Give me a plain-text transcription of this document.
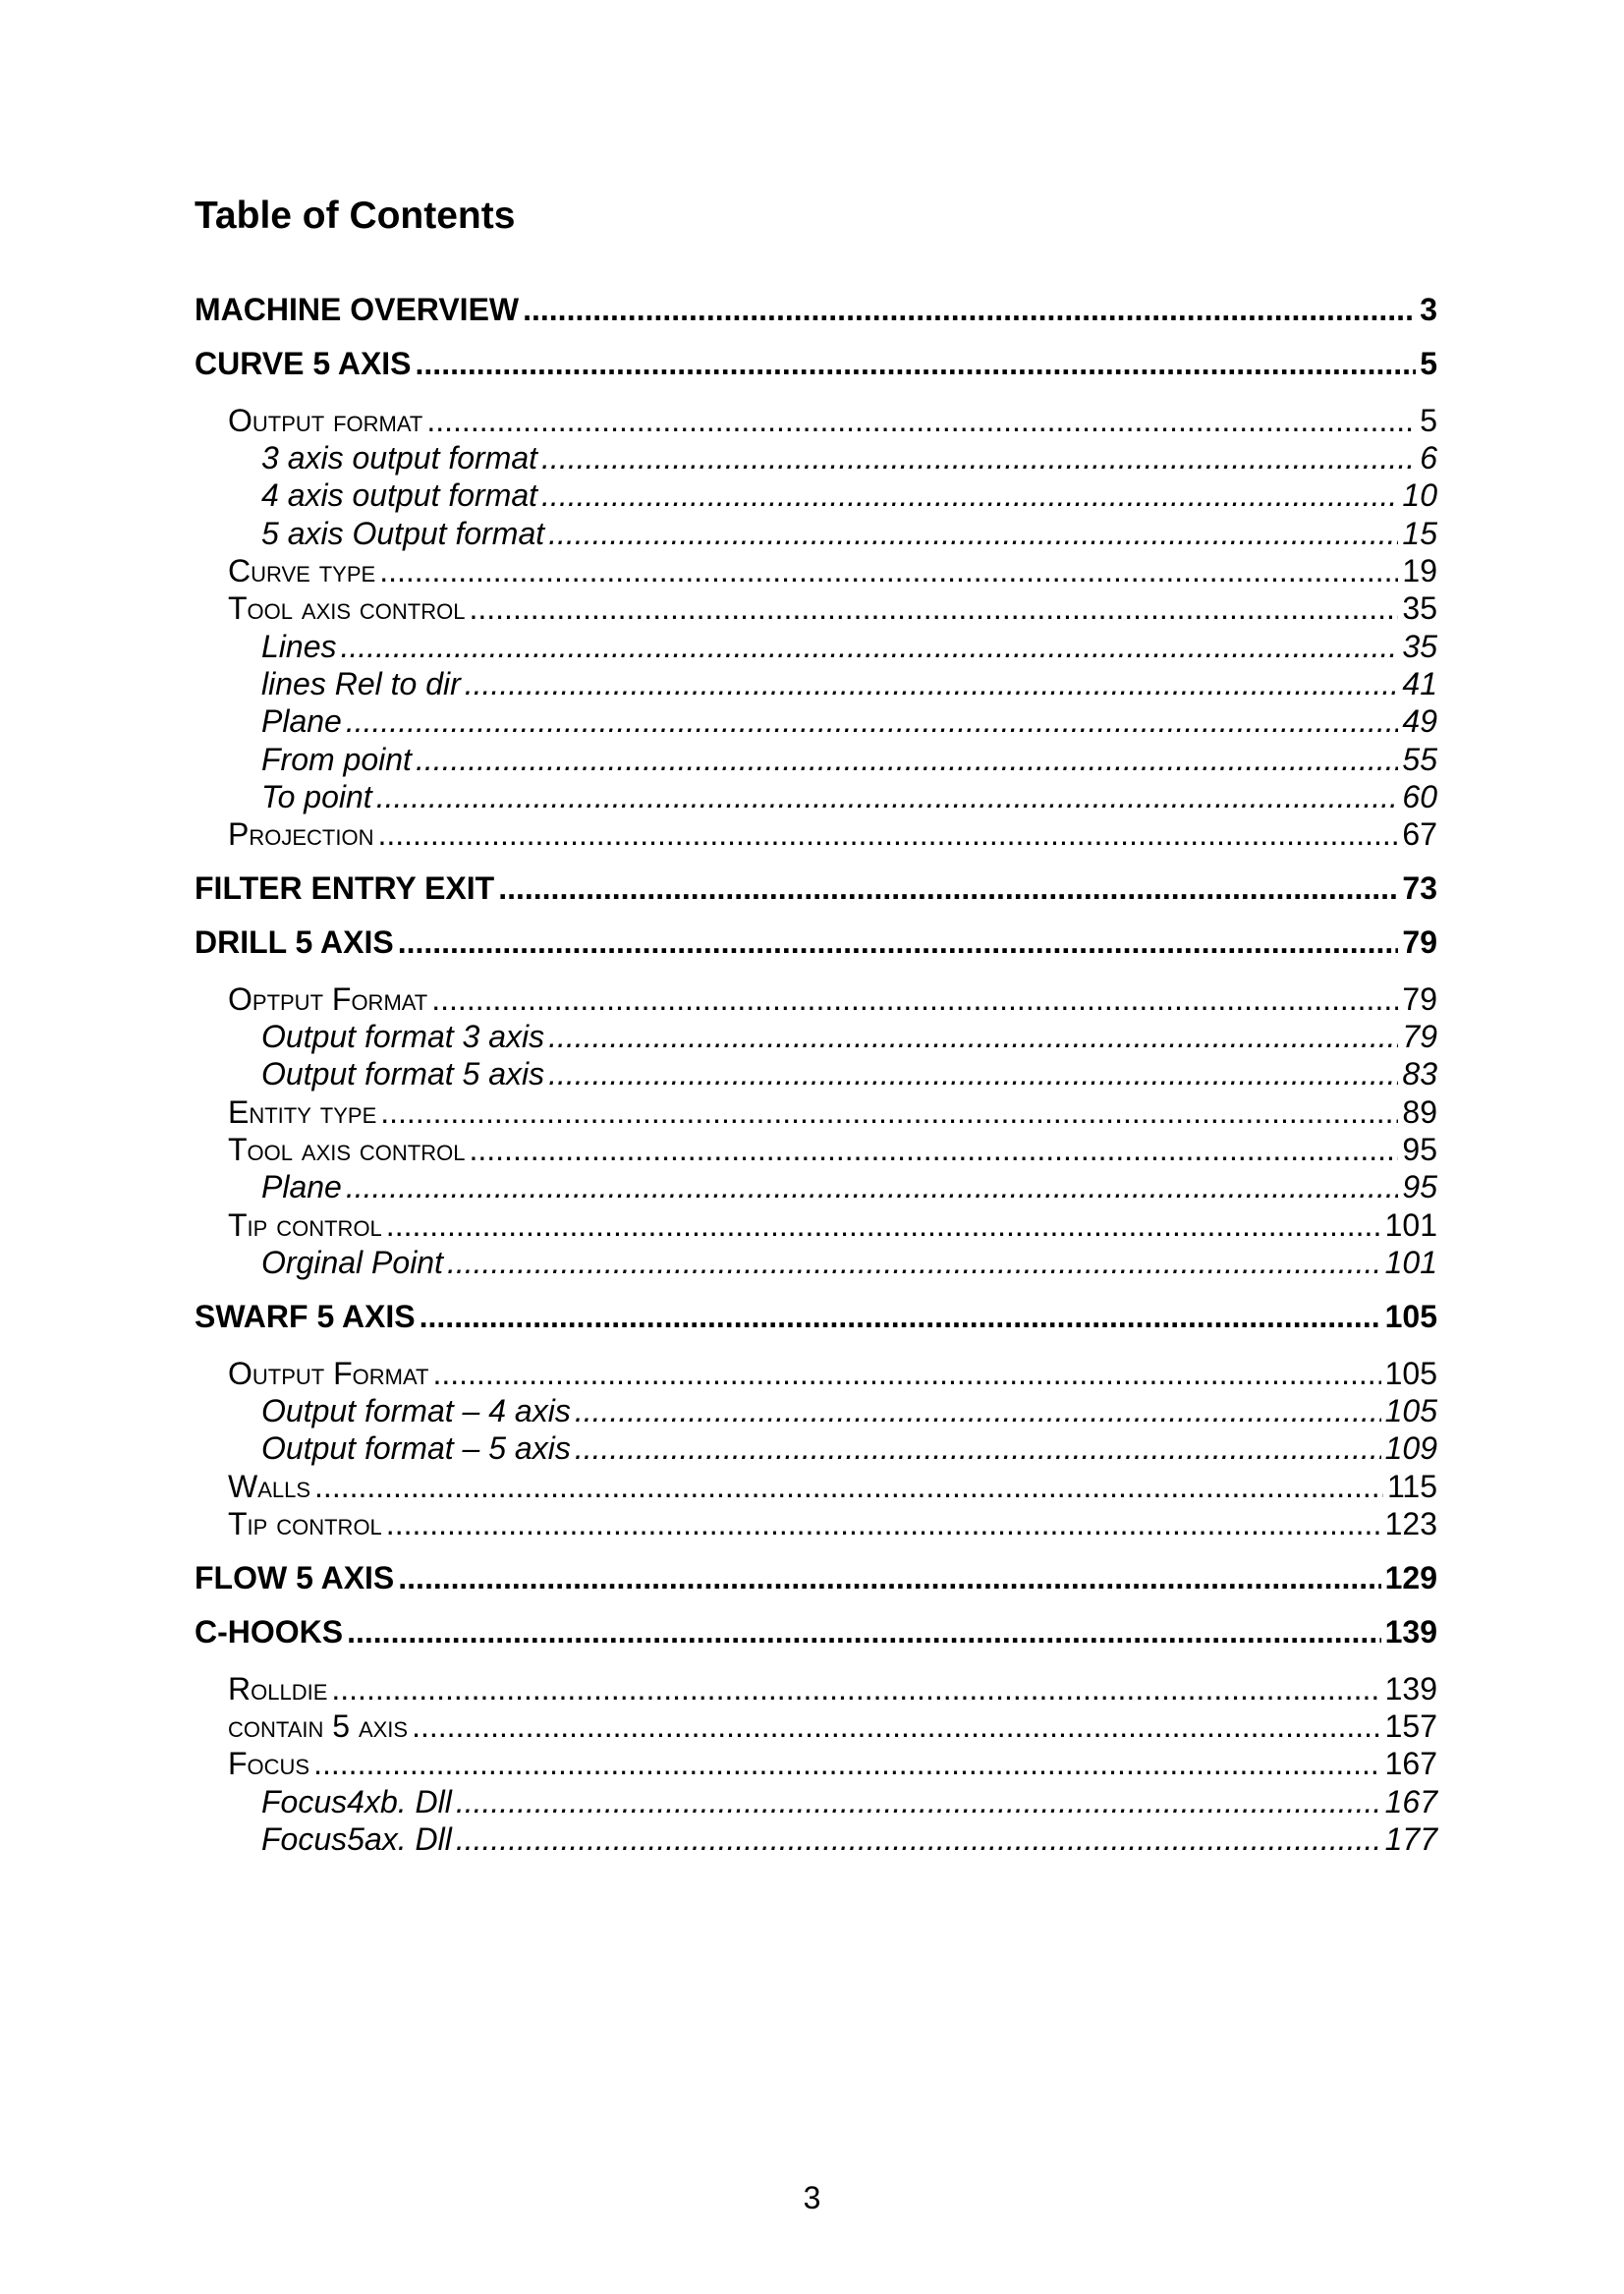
Table of Contents
MACHINE OVERVIEW .....	3
CURVE 5 AXIS .....	5
Output format .....	5
3 axis output format .....	6
4 axis output format .....	10
5 axis Output format .....	15
Curve type .....	19
Tool axis control .....	35
Lines .....	35
lines Rel to dir .....	41
Plane .....	49
From point .....	55
To point .....	60
Projection .....	67
FILTER ENTRY EXIT .....	73
DRILL 5 AXIS .....	79
Optput Format .....	79
Output format 3 axis .....	79
Output format 5 axis .....	83
Entity type .....	89
Tool axis control .....	95
Plane .....	95
Tip control .....	101
Orginal Point .....	101
SWARF 5 AXIS .....	105
Output Format .....	105
Output format – 4 axis .....	105
Output format – 5 axis .....	109
Walls .....	115
Tip control .....	123
FLOW 5 AXIS .....	129
C-HOOKS .....	139
Rolldie .....	139
contain 5 axis .....	157
Focus .....	167
Focus4xb. Dll .....	167
Focus5ax. Dll .....	177
3
